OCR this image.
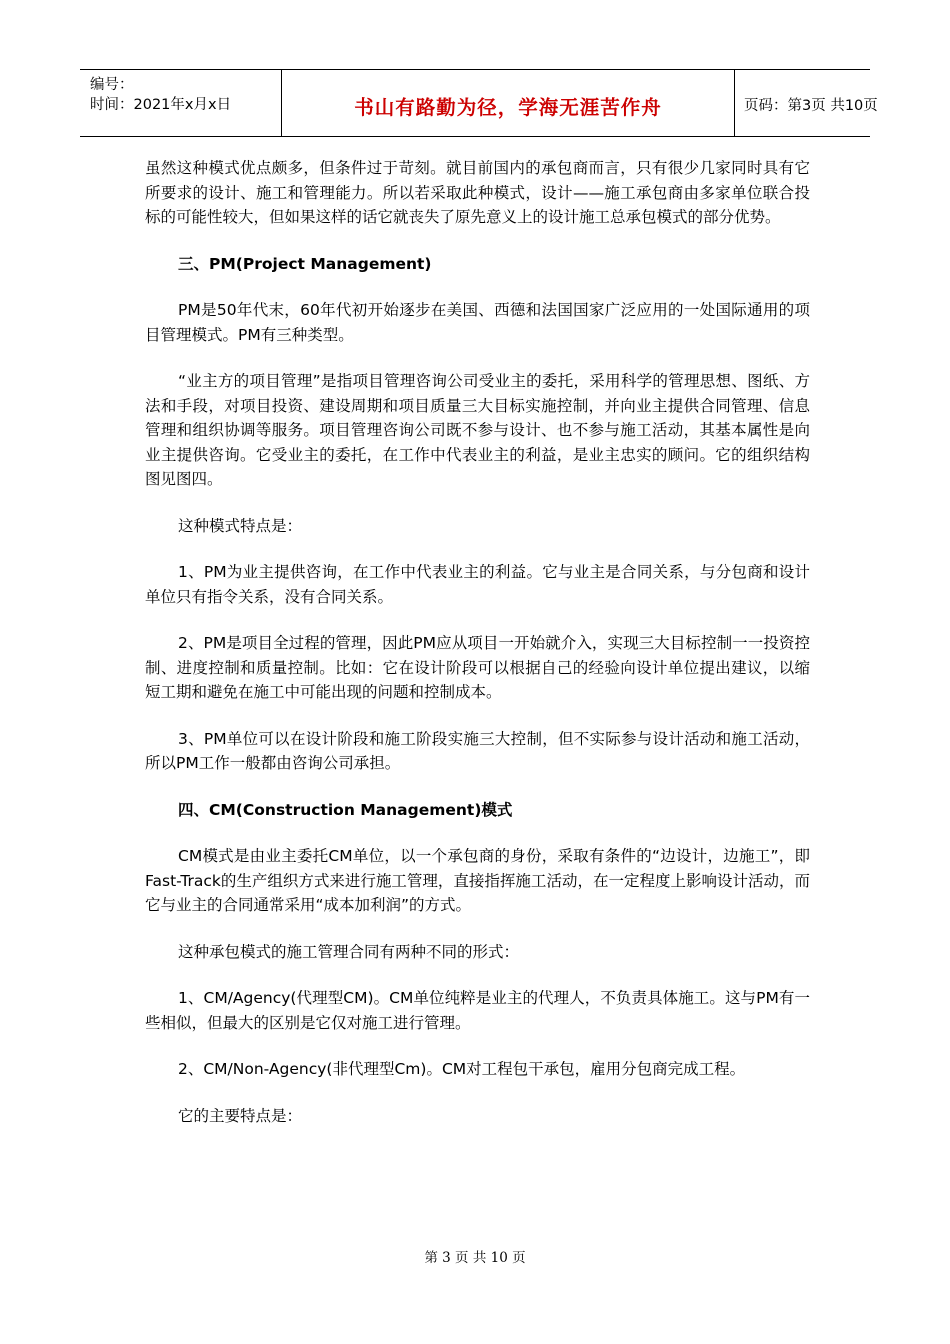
编号：
时间：2021年x月x日	书山有路勤为径，学海无涯苦作舟	页码：第3页 共10页

虽然这种模式优点颇多，但条件过于苛刻。就目前国内的承包商而言，只有很少几家同时具有它所要求的设计、施工和管理能力。所以若采取此种模式，设计——施工承包商由多家单位联合投标的可能性较大，但如果这样的话它就丧失了原先意义上的设计施工总承包模式的部分优势。

三、PM(Project Management)

PM是50年代末，60年代初开始逐步在美国、西德和法国国家广泛应用的一处国际通用的项目管理模式。PM有三种类型。

“业主方的项目管理”是指项目管理咨询公司受业主的委托，采用科学的管理思想、图纸、方法和手段，对项目投资、建设周期和项目质量三大目标实施控制，并向业主提供合同管理、信息管理和组织协调等服务。项目管理咨询公司既不参与设计、也不参与施工活动，其基本属性是向业主提供咨询。它受业主的委托，在工作中代表业主的利益，是业主忠实的顾问。它的组织结构图见图四。

这种模式特点是：

1、PM为业主提供咨询，在工作中代表业主的利益。它与业主是合同关系，与分包商和设计单位只有指令关系，没有合同关系。

2、PM是项目全过程的管理，因此PM应从项目一开始就介入，实现三大目标控制一一投资控制、进度控制和质量控制。比如：它在设计阶段可以根据自己的经验向设计单位提出建议，以缩短工期和避免在施工中可能出现的问题和控制成本。

3、PM单位可以在设计阶段和施工阶段实施三大控制，但不实际参与设计活动和施工活动，所以PM工作一般都由咨询公司承担。

四、CM(Construction Management)模式

CM模式是由业主委托CM单位，以一个承包商的身份，采取有条件的“边设计，边施工”，即Fast-Track的生产组织方式来进行施工管理，直接指挥施工活动，在一定程度上影响设计活动，而它与业主的合同通常采用“成本加利润”的方式。

这种承包模式的施工管理合同有两种不同的形式：

1、CM/Agency(代理型CM)。CM单位纯粹是业主的代理人，不负责具体施工。这与PM有一些相似，但最大的区别是它仅对施工进行管理。

2、CM/Non-Agency(非代理型Cm)。CM对工程包干承包，雇用分包商完成工程。

它的主要特点是：

第 3 页 共 10 页
